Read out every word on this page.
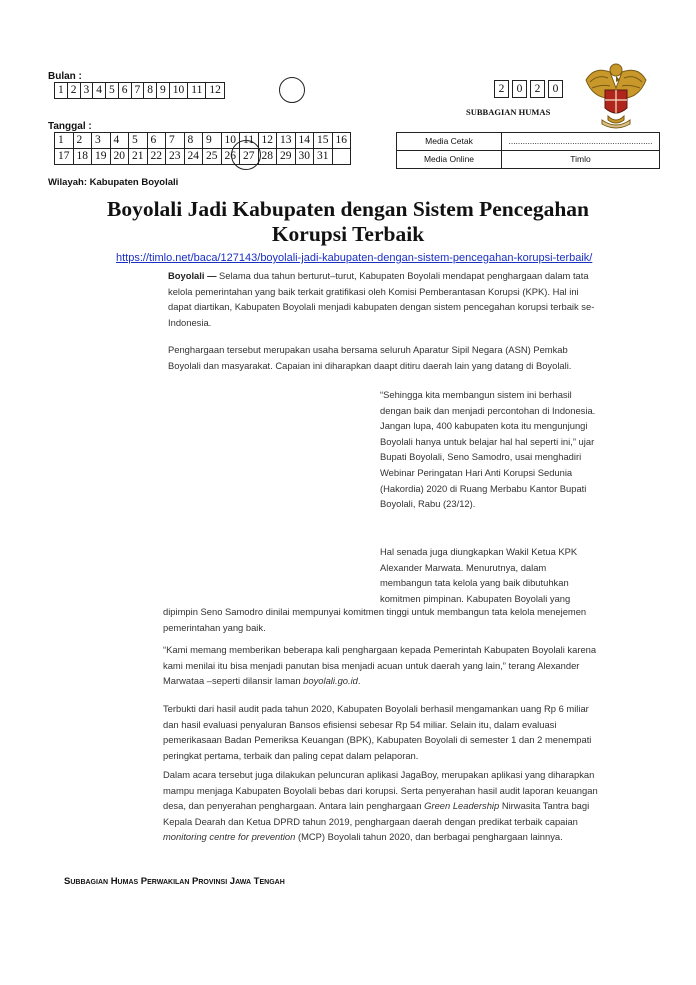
Bulan :
1	2	3	4	5	6	7	8	9	10	11	12	2	0	2	0
SUBBAGIAN HUMAS
Tanggal :
1	2	3	4	5	6	7	8	9	10	11	12	13	14	15	16
17	18	19	20	21	22	23	24	25	26	27	28	29	30	31	
Media Cetak	.............................................................
Media Online	Timlo
Wilayah: Kabupaten Boyolali
Boyolali Jadi Kabupaten dengan Sistem Pencegahan
Korupsi Terbaik
https://timlo.net/baca/127143/boyolali-jadi-kabupaten-dengan-sistem-pencegahan-korupsi-terbaik/

Boyolali — Selama dua tahun berturut–turut, Kabupaten Boyolali mendapat penghargaan dalam tata kelola pemerintahan yang baik terkait gratifikasi oleh Komisi Pemberantasan Korupsi (KPK). Hal ini dapat diartikan, Kabupaten Boyolali menjadi kabupaten dengan sistem pencegahan korupsi terbaik se-Indonesia.

Penghargaan tersebut merupakan usaha bersama seluruh Aparatur Sipil Negara (ASN) Pemkab Boyolali dan masyarakat. Capaian ini diharapkan daapt ditiru daerah lain yang datang di Boyolali.
“Sehingga kita membangun sistem ini berhasil dengan baik dan menjadi percontohan di Indonesia. Jangan lupa, 400 kabupaten kota itu mengunjungi Boyolali hanya untuk belajar hal hal seperti ini,” ujar Bupati Boyolali, Seno Samodro, usai menghadiri Webinar Peringatan Hari Anti Korupsi Sedunia (Hakordia) 2020 di Ruang Merbabu Kantor Bupati Boyolali, Rabu (23/12).
Hal senada juga diungkapkan Wakil Ketua KPK Alexander Marwata. Menurutnya, dalam membangun tata kelola yang baik dibutuhkan komitmen pimpinan. Kabupaten Boyolali yang
dipimpin Seno Samodro dinilai mempunyai komitmen tinggi untuk membangun tata kelola menejemen pemerintahan yang baik.

“Kami memang memberikan beberapa kali penghargaan kepada Pemerintah Kabupaten Boyolali karena kami menilai itu bisa menjadi panutan bisa menjadi acuan untuk daerah yang lain,” terang Alexander Marwataa –seperti dilansir laman boyolali.go.id.

Terbukti dari hasil audit pada tahun 2020, Kabupaten Boyolali berhasil mengamankan uang Rp 6 miliar dan hasil evaluasi penyaluran Bansos efisiensi sebesar Rp 54 miliar. Selain itu, dalam evaluasi pemerikasaan Badan Pemeriksa Keuangan (BPK), Kabupaten Boyolali di semester 1 dan 2 menempati peringkat pertama, terbaik dan paling cepat dalam pelaporan.

Dalam acara tersebut juga dilakukan peluncuran aplikasi JagaBoy, merupakan aplikasi yang diharapkan mampu menjaga Kabupaten Boyolali bebas dari korupsi. Serta penyerahan hasil audit laporan keuangan desa, dan penyerahan penghargaan. Antara lain penghargaan Green Leadership Nirwasita Tantra bagi Kepala Dearah dan Ketua DPRD tahun 2019, penghargaan daerah dengan predikat terbaik capaian monitoring centre for prevention (MCP) Boyolali tahun 2020, dan berbagai penghargaan lainnya.

Subbagian Humas Perwakilan Provinsi Jawa Tengah
